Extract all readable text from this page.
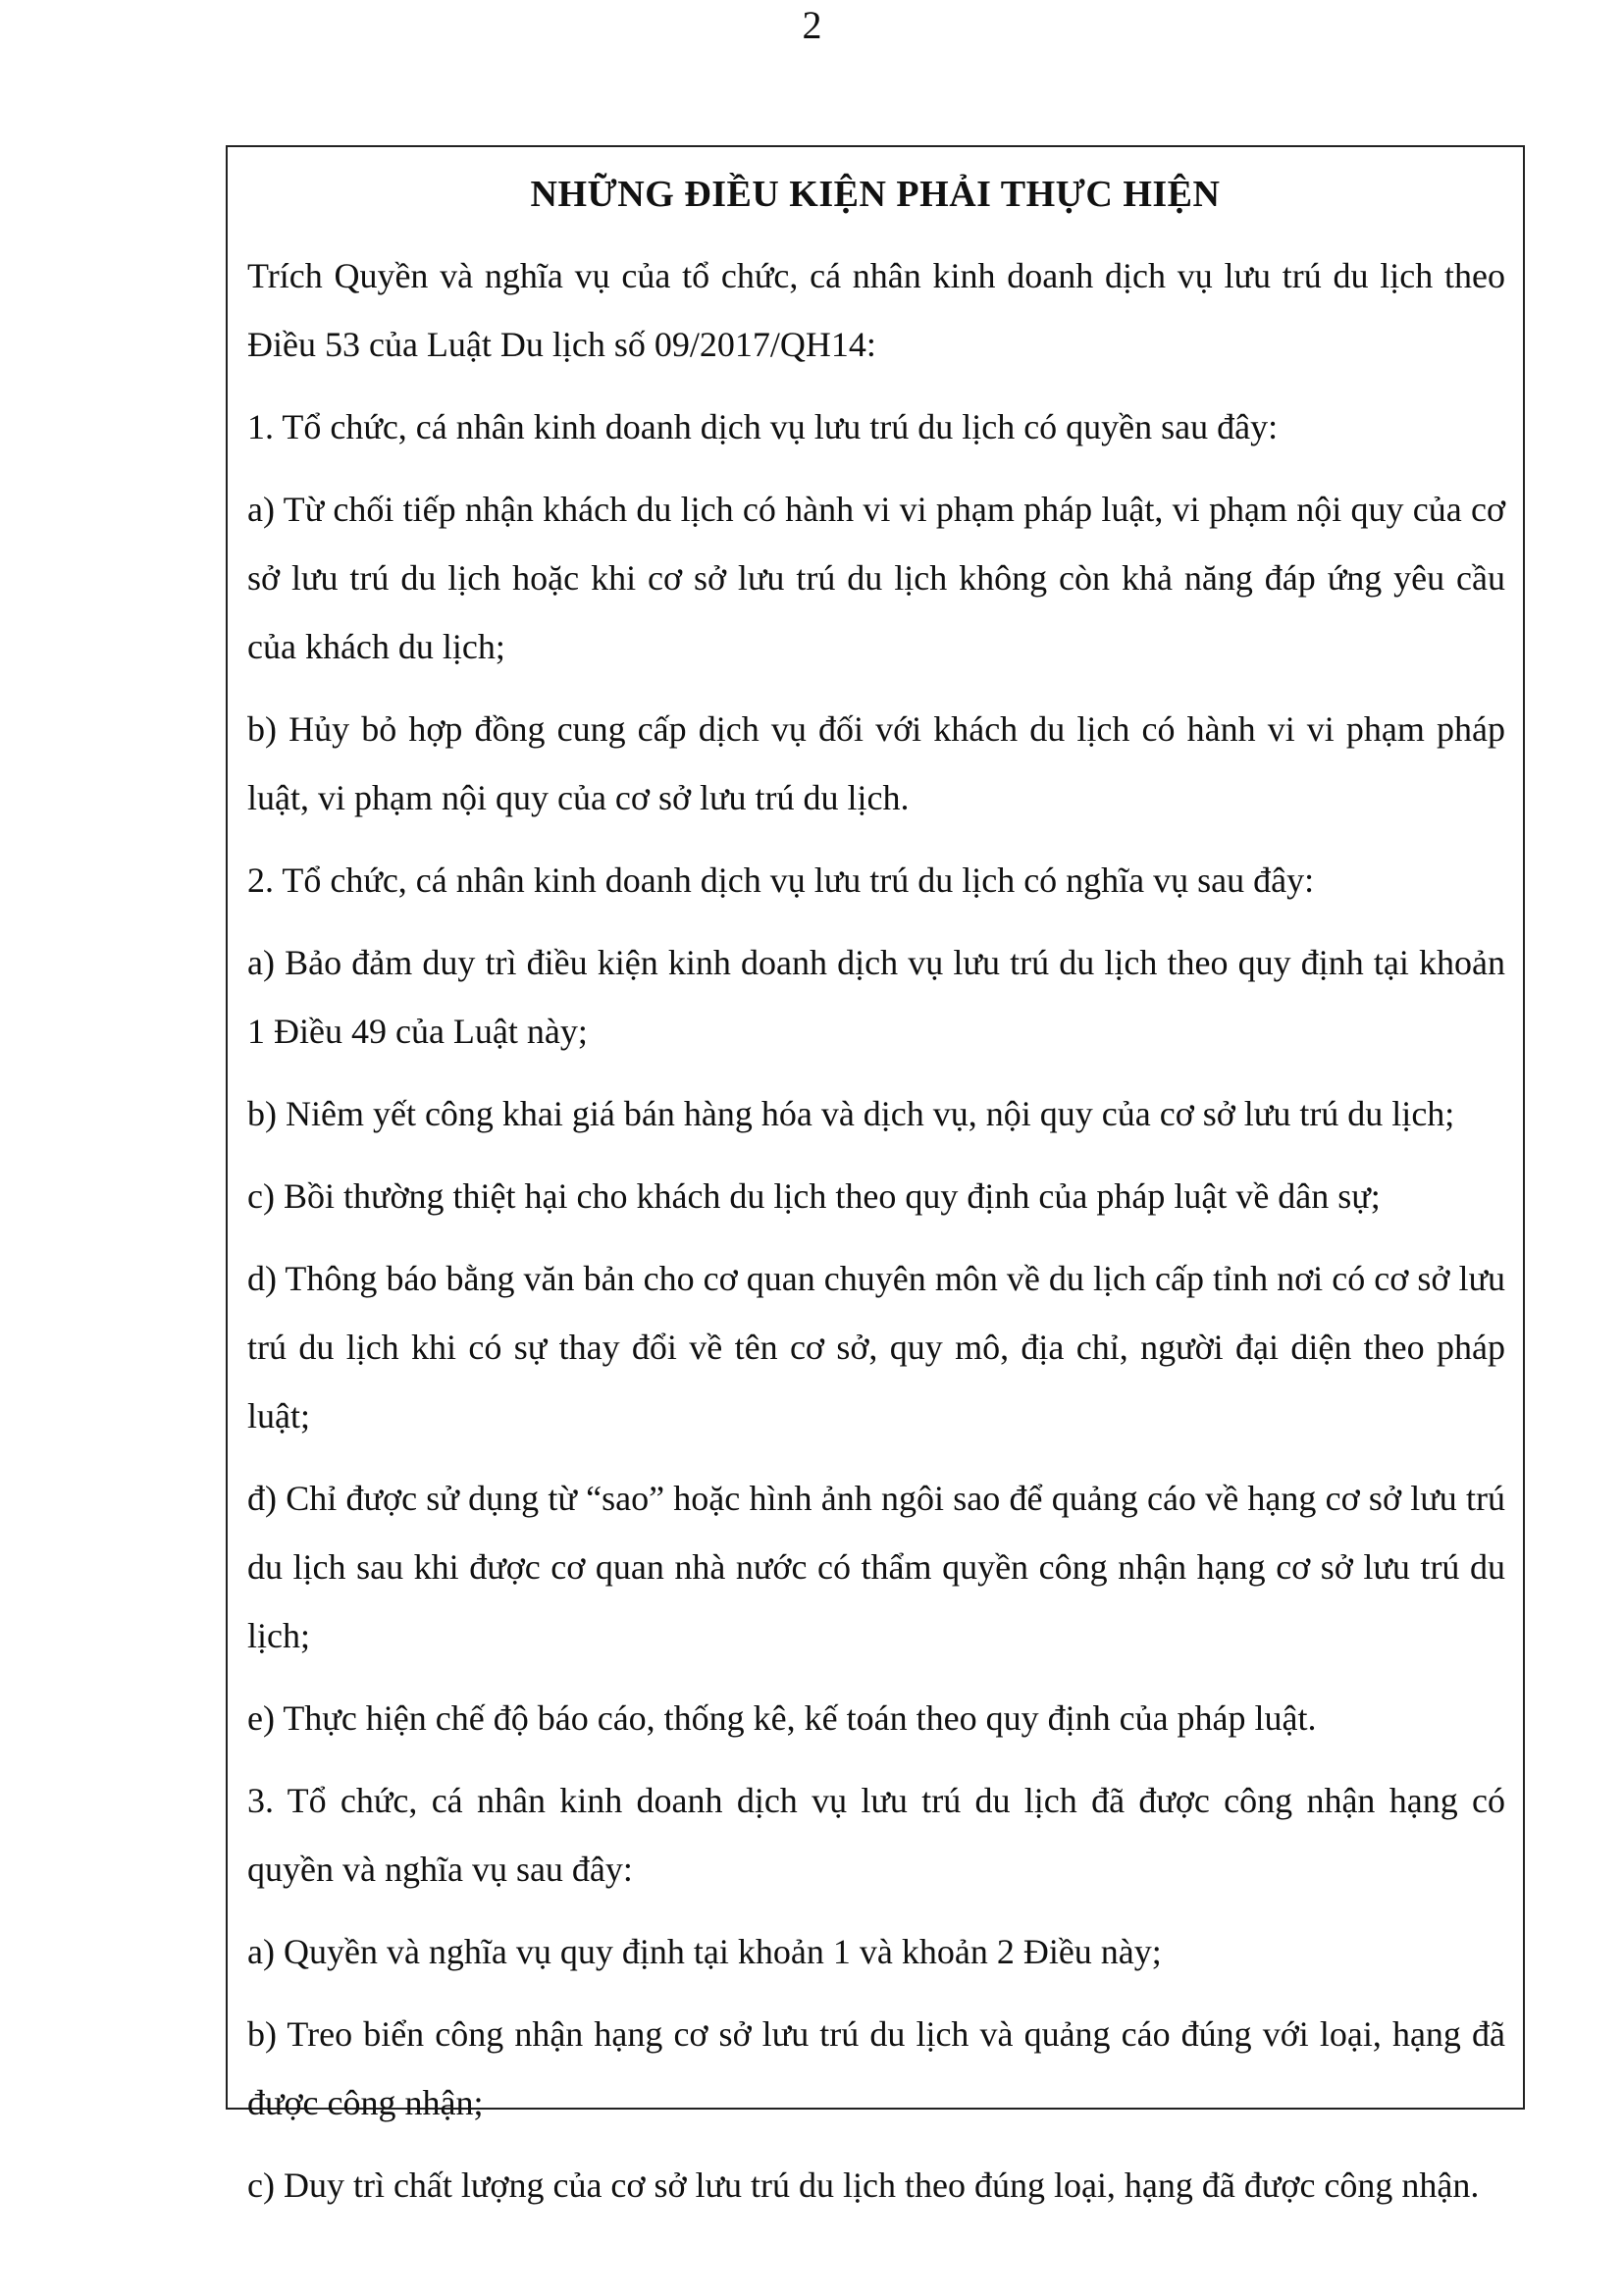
2
NHỮNG ĐIỀU KIỆN PHẢI THỰC HIỆN

Trích Quyền và nghĩa vụ của tổ chức, cá nhân kinh doanh dịch vụ lưu trú du lịch theo Điều 53 của Luật Du lịch số 09/2017/QH14:

1. Tổ chức, cá nhân kinh doanh dịch vụ lưu trú du lịch có quyền sau đây:

a) Từ chối tiếp nhận khách du lịch có hành vi vi phạm pháp luật, vi phạm nội quy của cơ sở lưu trú du lịch hoặc khi cơ sở lưu trú du lịch không còn khả năng đáp ứng yêu cầu của khách du lịch;

b) Hủy bỏ hợp đồng cung cấp dịch vụ đối với khách du lịch có hành vi vi phạm pháp luật, vi phạm nội quy của cơ sở lưu trú du lịch.

2. Tổ chức, cá nhân kinh doanh dịch vụ lưu trú du lịch có nghĩa vụ sau đây:

a) Bảo đảm duy trì điều kiện kinh doanh dịch vụ lưu trú du lịch theo quy định tại khoản 1 Điều 49 của Luật này;

b) Niêm yết công khai giá bán hàng hóa và dịch vụ, nội quy của cơ sở lưu trú du lịch;

c) Bồi thường thiệt hại cho khách du lịch theo quy định của pháp luật về dân sự;

d) Thông báo bằng văn bản cho cơ quan chuyên môn về du lịch cấp tỉnh nơi có cơ sở lưu trú du lịch khi có sự thay đổi về tên cơ sở, quy mô, địa chỉ, người đại diện theo pháp luật;

đ) Chỉ được sử dụng từ “sao” hoặc hình ảnh ngôi sao để quảng cáo về hạng cơ sở lưu trú du lịch sau khi được cơ quan nhà nước có thẩm quyền công nhận hạng cơ sở lưu trú du lịch;

e) Thực hiện chế độ báo cáo, thống kê, kế toán theo quy định của pháp luật.

3. Tổ chức, cá nhân kinh doanh dịch vụ lưu trú du lịch đã được công nhận hạng có quyền và nghĩa vụ sau đây:

a) Quyền và nghĩa vụ quy định tại khoản 1 và khoản 2 Điều này;

b) Treo biển công nhận hạng cơ sở lưu trú du lịch và quảng cáo đúng với loại, hạng đã được công nhận;

c) Duy trì chất lượng của cơ sở lưu trú du lịch theo đúng loại, hạng đã được công nhận.
